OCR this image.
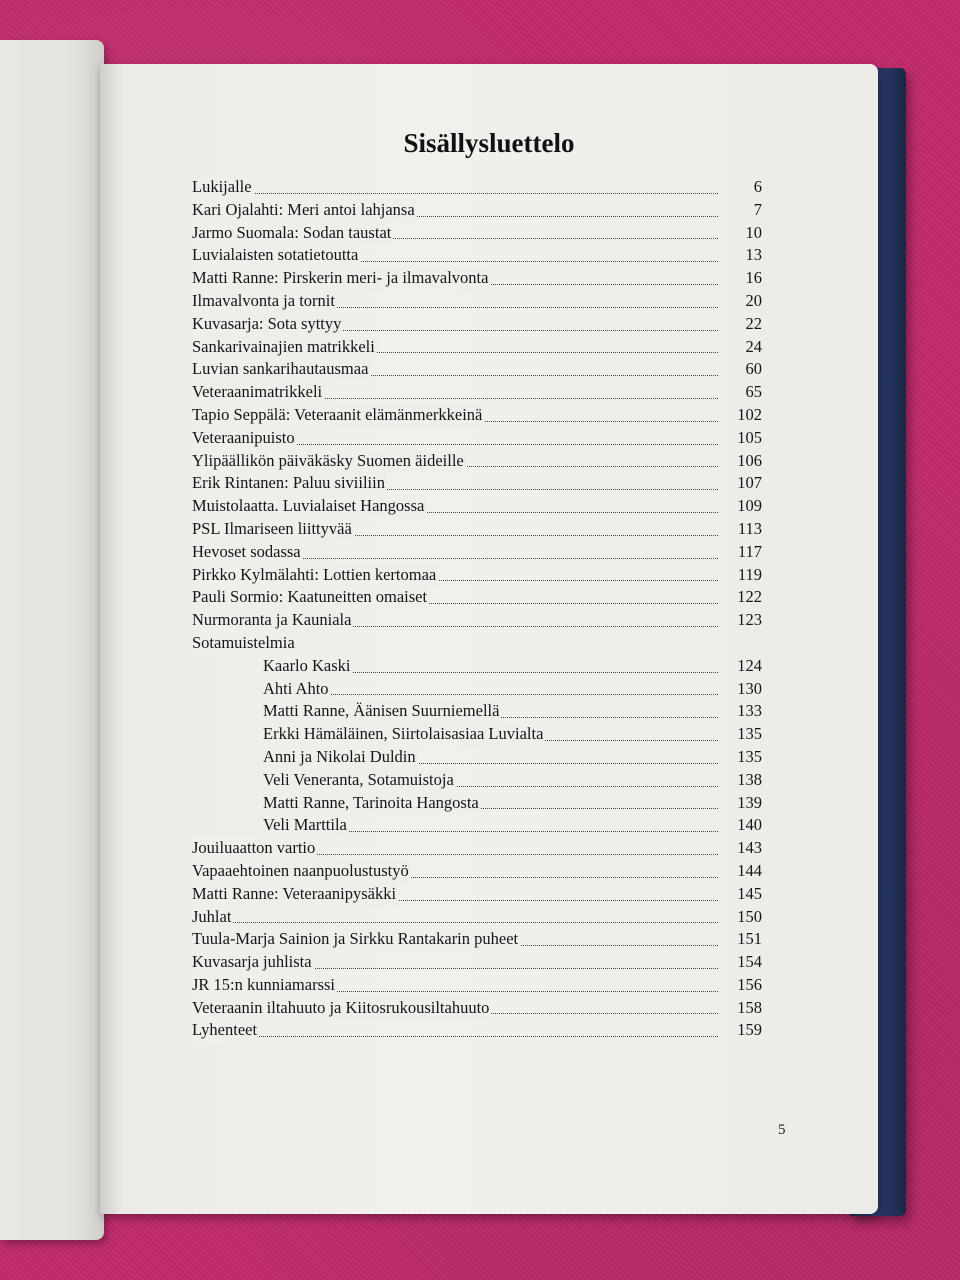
Sisällysluettelo
Lukijalle	6
Kari Ojalahti: Meri antoi lahjansa	7
Jarmo Suomala: Sodan taustat	10
Luvialaisten sotatietoutta	13
Matti Ranne: Pirskerin meri- ja ilmavalvonta	16
Ilmavalvonta ja tornit	20
Kuvasarja: Sota syttyy	22
Sankarivainajien matrikkeli	24
Luvian sankarihautausmaa	60
Veteraanimatrikkeli	65
Tapio Seppälä: Veteraanit elämänmerkkeinä	102
Veteraanipuisto	105
Ylipäällikön päiväkäsky Suomen äideille	106
Erik Rintanen: Paluu siviiliin	107
Muistolaatta. Luvialaiset Hangossa	109
PSL Ilmariseen liittyvää	113
Hevoset sodassa	117
Pirkko Kylmälahti: Lottien kertomaa	119
Pauli Sormio: Kaatuneitten omaiset	122
Nurmoranta ja Kauniala	123
Sotamuistelmia
Kaarlo Kaski	124
Ahti Ahto	130
Matti Ranne, Äänisen Suurniemellä	133
Erkki Hämäläinen, Siirtolaisasiaa Luvialta	135
Anni ja Nikolai Duldin	135
Veli Veneranta, Sotamuistoja	138
Matti Ranne, Tarinoita Hangosta	139
Veli Marttila	140
Jouiluaatton vartio	143
Vapaaehtoinen naanpuolustustyö	144
Matti Ranne: Veteraanipysäkki	145
Juhlat	150
Tuula-Marja Sainion ja Sirkku Rantakarin puheet	151
Kuvasarja juhlista	154
JR 15:n kunniamarssi	156
Veteraanin iltahuuto ja Kiitosrukousiltahuuto	158
Lyhenteet	159
5
